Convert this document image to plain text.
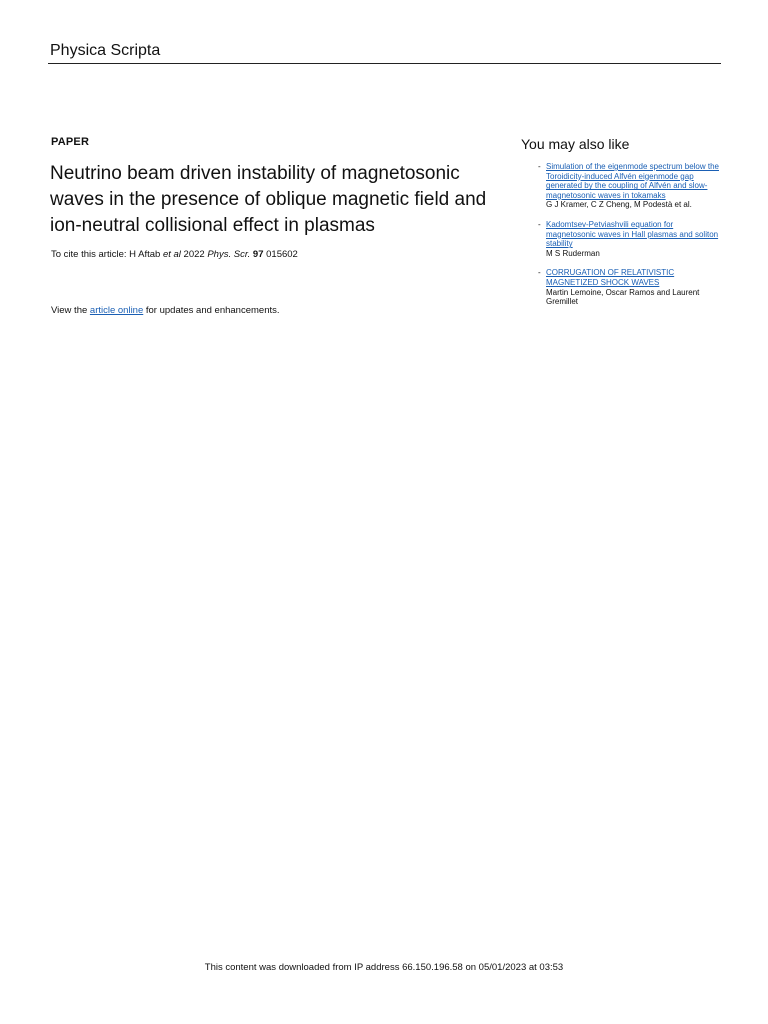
Physica Scripta
PAPER
Neutrino beam driven instability of magnetosonic waves in the presence of oblique magnetic field and ion-neutral collisional effect in plasmas
To cite this article: H Aftab et al 2022 Phys. Scr. 97 015602
View the article online for updates and enhancements.
You may also like
- Simulation of the eigenmode spectrum below the Toroidicity-induced Alfvén eigenmode gap generated by the coupling of Alfvén and slow-magnetosonic waves in tokamaks
G J Kramer, C Z Cheng, M Podestà et al.
- Kadomtsev-Petviashvili equation for magnetosonic waves in Hall plasmas and soliton stability
M S Ruderman
- CORRUGATION OF RELATIVISTIC MAGNETIZED SHOCK WAVES
Martin Lemoine, Oscar Ramos and Laurent Gremillet
This content was downloaded from IP address 66.150.196.58 on 05/01/2023 at 03:53
